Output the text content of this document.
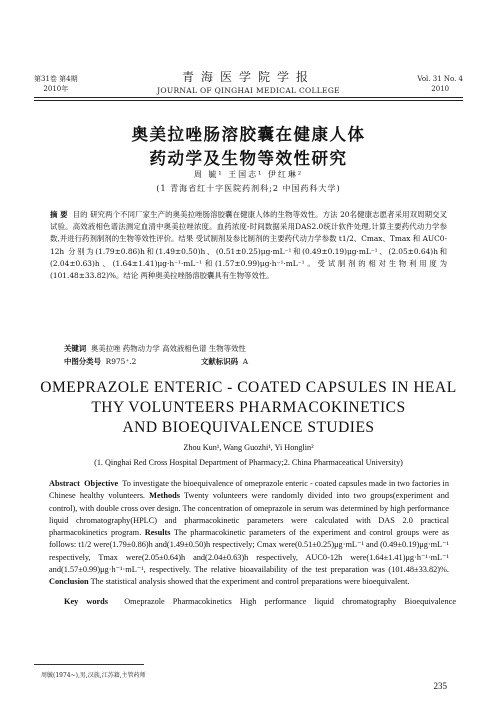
第31卷 第4期
2010年
青海医学院学报
JOURNAL OF QINGHAI MEDICAL COLLEGE
Vol. 31 No. 4
2010
奥美拉唑肠溶胶囊在健康人体
药动学及生物等效性研究
周 毓¹ 王国志¹ 伊红琳²
(1 青海省红十字医院药剂科;2 中国药科大学)
摘 要 目的 研究两个不同厂家生产的奥美拉唑肠溶胶囊在健康人体的生物等效性。方法 20名健康志愿者采用双周期交叉试验。高效液相色谱法测定血清中奥美拉唑浓度。血药浓度-时间数据采用DAS2.0统计软件处理,计算主要药代动力学参数,并进行药剂制剂的生物等效性评价。结果 受试制剂及参比制剂的主要药代动力学参数 t1/2、Cmax、Tmax 和 AUC0-12h 分别为(1.79±0.86)h和(1.49±0.50)h、(0.51±0.25)μg·mL⁻¹和(0.49±0.19)μg·mL⁻¹、(2.05±0.64)h和(2.04±0.63)h、(1.64±1.41)μg·h⁻¹·mL⁻¹和(1.57±0.99)μg·h⁻¹·mL⁻¹。受试制剂的相对生物利用度为(101.48±33.82)%。结论 两种奥美拉唑肠溶胶囊具有生物等效性。
关键词 奥美拉唑 药物动力学 高效液相色谱 生物等效性
中图分类号 R975⁺.2	文献标识码 A
OMEPRAZOLE ENTERIC - COATED CAPSULES IN HEAL
THY VOLUNTEERS PHARMACOKINETICS
AND BIOEQUIVALENCE STUDIES
Zhou Kun¹, Wang Guozhi¹, Yi Honglin²
(1. Qinghai Red Cross Hospital Department of Pharmacy;2. China Pharmaceatical University)
Abstract Objective To investigate the bioequivalence of omeprazole enteric - coated capsules made in two factories in Chinese healthy volunteers. Methods Twenty volunteers were randomly divided into two groups(experiment and control), with double cross over design. The concentration of omeprazole in serum was determined by high performance liquid chromatography(HPLC) and pharmacokinetic parameters were calculated with DAS 2.0 practical pharmacokinetics program. Results The pharmacokinetic parameters of the experiment and control groups were as follows: t1/2 were(1.79±0.86)h and(1.49±0.50)h respectively; Cmax were(0.51±0.25)μg·mL⁻¹ and (0.49±0.19)μg·mL⁻¹ respectively, Tmax were(2.05±0.64)h and(2.04±0.63)h respectively, AUC0-12h were(1.64±1.41)μg·h⁻¹·mL⁻¹ and(1.57±0.99)μg·h⁻¹·mL⁻¹, respectively. The relative bioavailability of the test preparation was (101.48±33.82)%. Conclusion The statistical analysis showed that the experiment and control preparations were bioequivalent.
Key words Omeprazole Pharmacokinetics High performance liquid chromatography Bioequivalence
周毓(1974~),男,汉族,江苏籍,主管药师
235
